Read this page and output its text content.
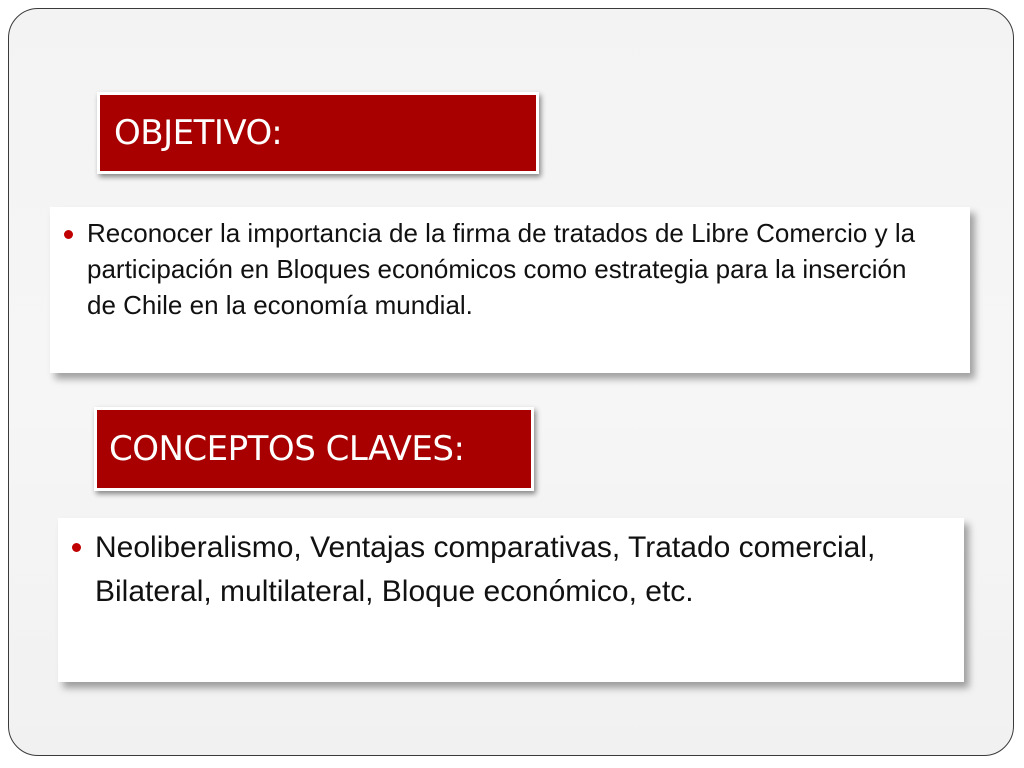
OBJETIVO:
Reconocer la importancia de la firma de tratados de Libre Comercio y la participación en Bloques económicos como estrategia para la inserción de Chile en la economía mundial.
CONCEPTOS CLAVES:
Neoliberalismo, Ventajas comparativas, Tratado comercial, Bilateral, multilateral, Bloque económico, etc.
